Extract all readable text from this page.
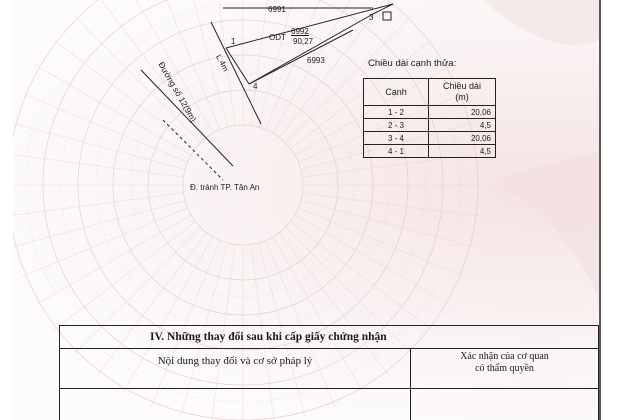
6991
ODT
6992
90,27
6993
1
3
4
L.4m
Đường số 12(9m)
Đ. tránh TP. Tân An
Chiều dài cạnh thửa:
Cạnh	Chiều dài
(m)
1 - 2	20,06
2 - 3	4,5
3 - 4	20,06
4 - 1	4,5
IV. Những thay đổi sau khi cấp giấy chứng nhận	
Nội dung thay đổi và cơ sở pháp lý	Xác nhận của cơ quan
có thẩm quyền
